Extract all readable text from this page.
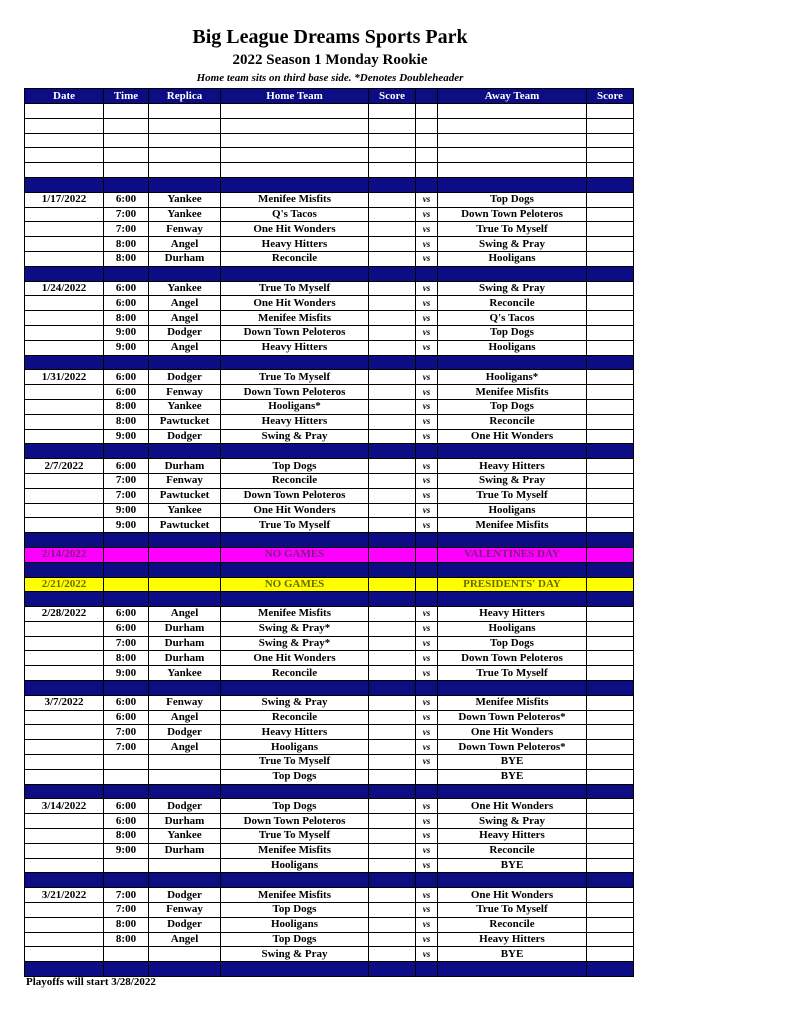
Big League Dreams Sports Park
2022 Season 1 Monday Rookie
Home team sits on third base side. *Denotes Doubleheader
Date	Time	Replica	Home Team	Score		Away Team	Score

1/17/2022	6:00	Yankee	Menifee Misfits		vs	Top Dogs	
	7:00	Yankee	Q's Tacos		vs	Down Town Peloteros	
	7:00	Fenway	One Hit Wonders		vs	True To Myself	
	8:00	Angel	Heavy Hitters		vs	Swing & Pray	
	8:00	Durham	Reconcile		vs	Hooligans	

1/24/2022	6:00	Yankee	True To Myself		vs	Swing & Pray	
	6:00	Angel	One Hit Wonders		vs	Reconcile	
	8:00	Angel	Menifee Misfits		vs	Q's Tacos	
	9:00	Dodger	Down Town Peloteros		vs	Top Dogs	
	9:00	Angel	Heavy Hitters		vs	Hooligans	

1/31/2022	6:00	Dodger	True To Myself		vs	Hooligans*	
	6:00	Fenway	Down Town Peloteros		vs	Menifee Misfits	
	8:00	Yankee	Hooligans*		vs	Top Dogs	
	8:00	Pawtucket	Heavy Hitters		vs	Reconcile	
	9:00	Dodger	Swing & Pray		vs	One Hit Wonders	

2/7/2022	6:00	Durham	Top Dogs		vs	Heavy Hitters	
	7:00	Fenway	Reconcile		vs	Swing & Pray	
	7:00	Pawtucket	Down Town Peloteros		vs	True To Myself	
	9:00	Yankee	One Hit Wonders		vs	Hooligans	
	9:00	Pawtucket	True To Myself		vs	Menifee Misfits	

2/14/2022			NO GAMES			VALENTINES DAY	

2/21/2022			NO GAMES			PRESIDENTS' DAY	

2/28/2022	6:00	Angel	Menifee Misfits		vs	Heavy Hitters	
	6:00	Durham	Swing & Pray*		vs	Hooligans	
	7:00	Durham	Swing & Pray*		vs	Top Dogs	
	8:00	Durham	One Hit Wonders		vs	Down Town Peloteros	
	9:00	Yankee	Reconcile		vs	True To Myself	

3/7/2022	6:00	Fenway	Swing & Pray		vs	Menifee Misfits	
	6:00	Angel	Reconcile		vs	Down Town Peloteros*	
	7:00	Dodger	Heavy Hitters		vs	One Hit Wonders	
	7:00	Angel	Hooligans		vs	Down Town Peloteros*	
			True To Myself		vs	BYE	
			Top Dogs			BYE	

3/14/2022	6:00	Dodger	Top Dogs		vs	One Hit Wonders	
	6:00	Durham	Down Town Peloteros		vs	Swing & Pray	
	8:00	Yankee	True To Myself		vs	Heavy Hitters	
	9:00	Durham	Menifee Misfits		vs	Reconcile	
			Hooligans		vs	BYE	

3/21/2022	7:00	Dodger	Menifee Misfits		vs	One Hit Wonders	
	7:00	Fenway	Top Dogs		vs	True To Myself	
	8:00	Dodger	Hooligans		vs	Reconcile	
	8:00	Angel	Top Dogs		vs	Heavy Hitters	
			Swing & Pray		vs	BYE	

Playoffs will start 3/28/2022
